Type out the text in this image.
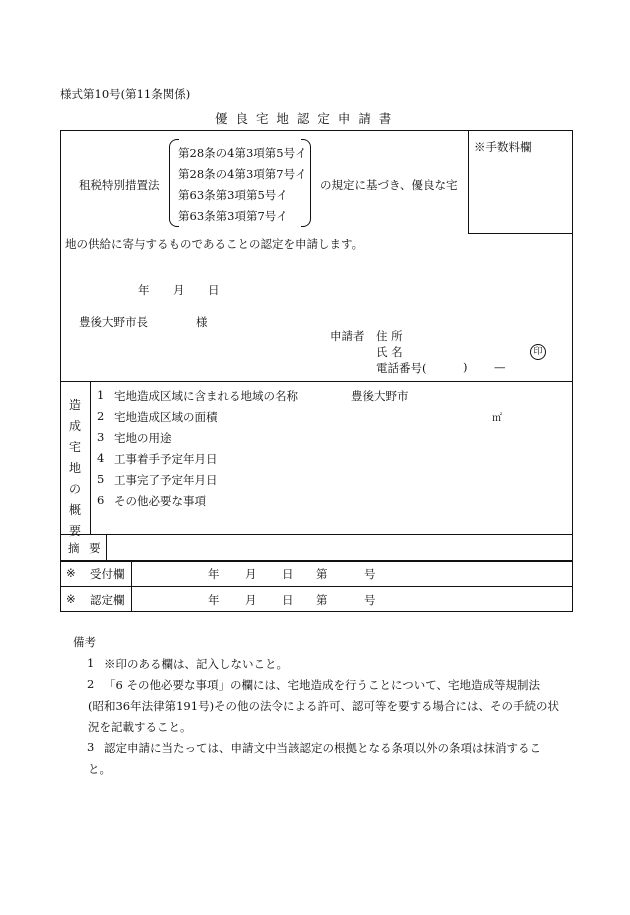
様式第10号(第11条関係)
優 良 宅 地 認 定 申 請 書
※手数料欄
租税特別措置法
第28条の4第3項第5号イ
第28条の4第3項第7号イ
第63条第3項第5号イ
第63条第3項第7号イ
の規定に基づき、優良な宅
地の供給に寄与するものであることの認定を申請します。
年 月 日
豊後大野市長	様
申請者 住 所
氏 名	印
電話番号(	) —
造
成
宅
地
の
概
要
1 宅地造成区域に含まれる地域の名称	豊後大野市
2 宅地造成区域の面積	㎡
3 宅地の用途
4 工事着手予定年月日
5 工事完了予定年月日
6 その他必要な事項
摘 要
※ 受付欄	年 月 日 第	号
※ 認定欄	年 月 日 第	号
備考
1 ※印のある欄は、記入しないこと。
2 「6 その他必要な事項」の欄には、宅地造成を行うことについて、宅地造成等規制法
(昭和36年法律第191号)その他の法令による許可、認可等を要する場合には、その手続の状
況を記載すること。
3 認定申請に当たっては、申請文中当該認定の根拠となる条項以外の条項は抹消するこ
と。
